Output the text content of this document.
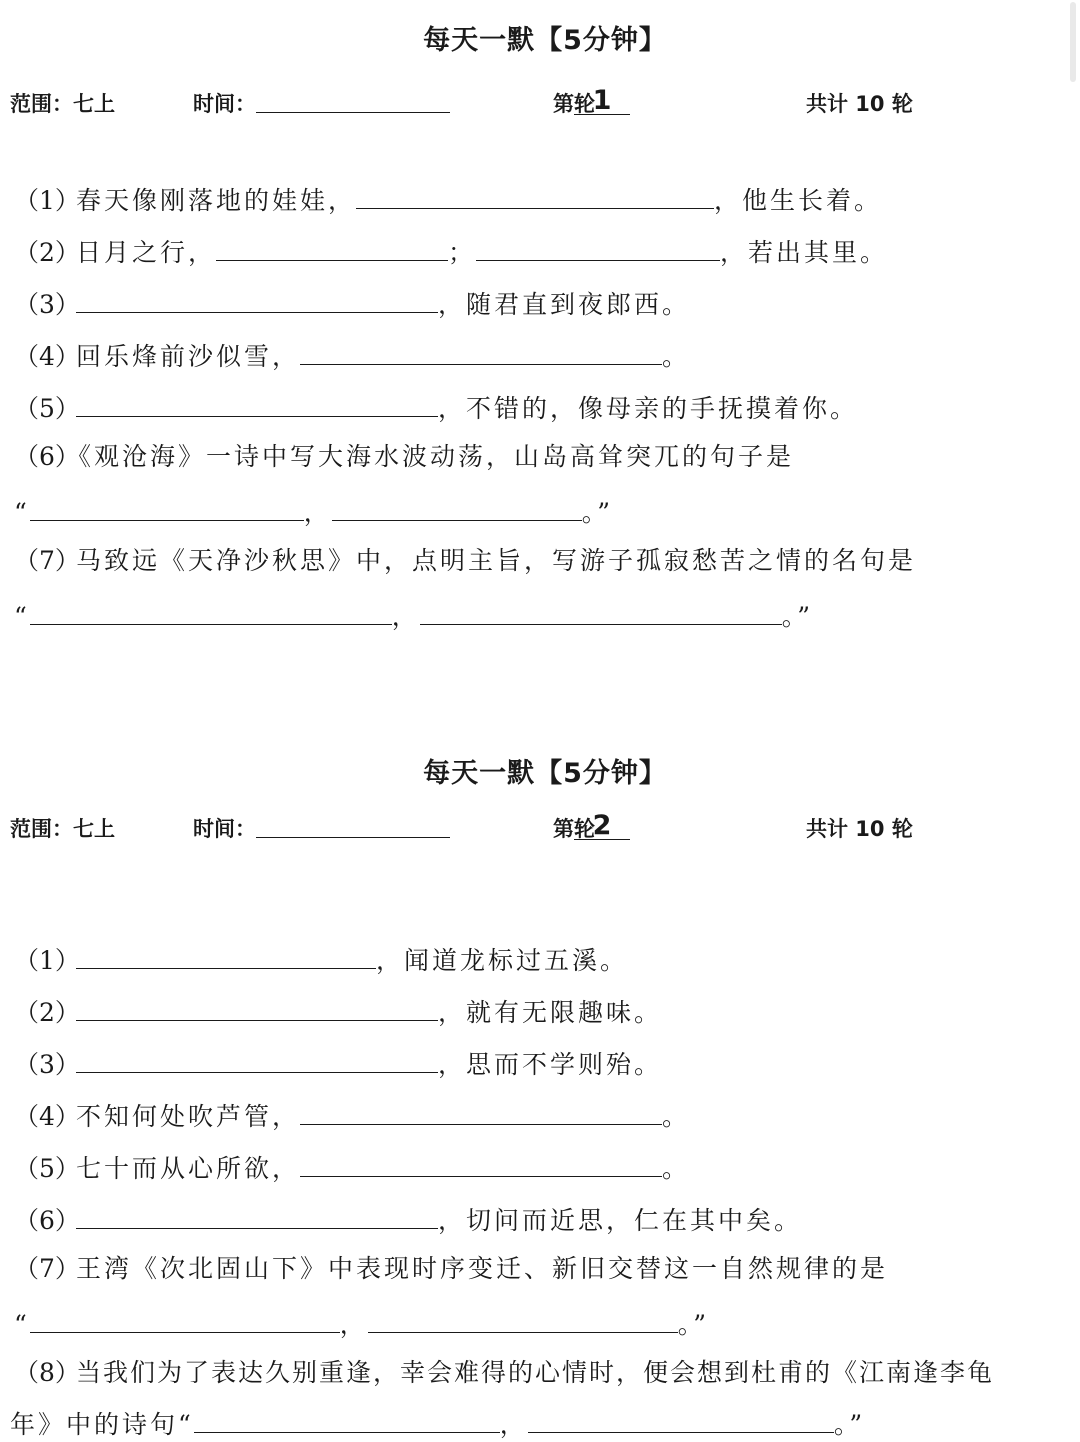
每天一默【5分钟】
范围：七上	时间：	第 1
轮	共计 10 轮
（1）春天像刚落地的娃娃，	，他生长着。
（2）日月之行，	；	，若出其里。
（3）	，随君直到夜郎西。
（4）回乐烽前沙似雪，	。
（5）	，不错的，像母亲的手抚摸着你。
（6）《观沧海》一诗中写大海水波动荡，山岛高耸突兀的句子是
“	，	。”
（7）马致远《天净沙秋思》中，点明主旨，写游子孤寂愁苦之情的名句是
“	，	。”
每天一默【5分钟】
范围：七上	时间：	第 2
轮	共计 10 轮
（1）	，闻道龙标过五溪。
（2）	，就有无限趣味。
（3）	，思而不学则殆。
（4）不知何处吹芦管，	。
（5）七十而从心所欲，	。
（6）	，切问而近思，仁在其中矣。
（7）王湾《次北固山下》中表现时序变迁、新旧交替这一自然规律的是
“	，	。”
（8）当我们为了表达久别重逢，幸会难得的心情时，便会想到杜甫的《江南逢李龟
年》中的诗句“	，	。”
